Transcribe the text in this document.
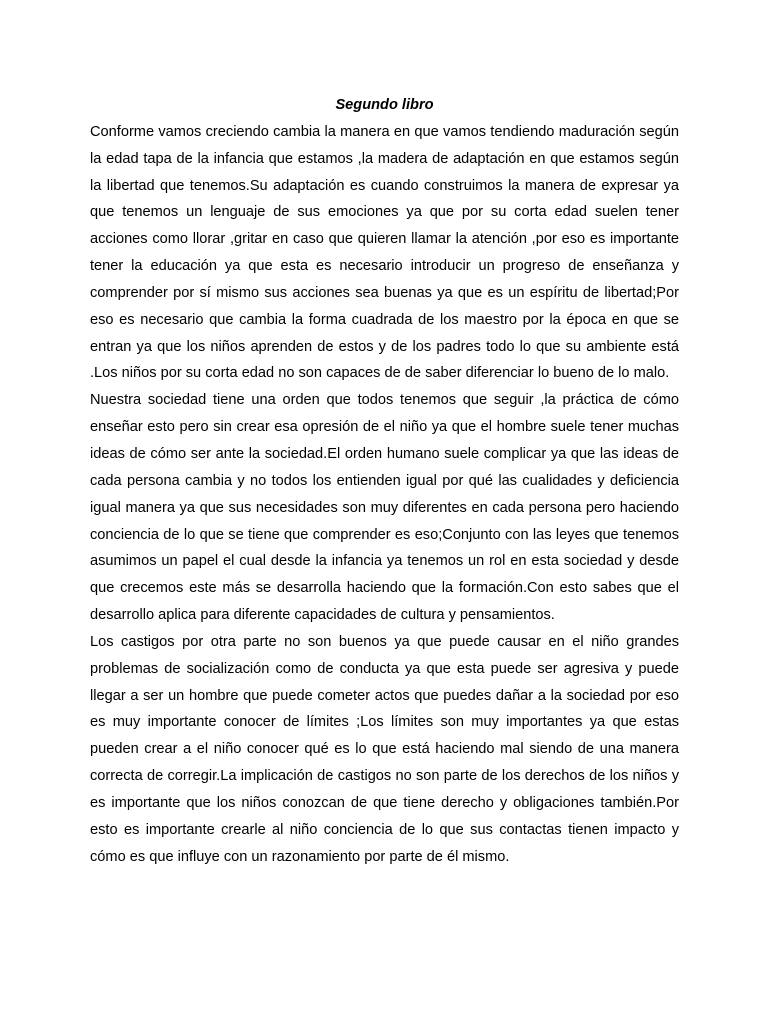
Segundo libro

Conforme vamos creciendo cambia la manera en que vamos tendiendo maduración según la edad tapa de la infancia que estamos ,la madera de adaptación en que estamos según la libertad que tenemos.Su adaptación es cuando construimos la manera de expresar ya que tenemos un lenguaje de sus emociones ya que por su corta edad suelen tener acciones como llorar ,gritar en caso que quieren llamar la atención ,por eso es importante tener la educación ya que esta es necesario introducir un progreso de enseñanza y comprender por sí mismo sus acciones sea buenas ya que es un espíritu de libertad;Por eso es necesario que cambia la forma cuadrada de los maestro por la época en que se entran ya que los niños aprenden de estos y de los padres todo lo que su ambiente está .Los niños por su corta edad no son capaces de de saber diferenciar lo bueno de lo malo.

Nuestra sociedad tiene una orden que todos tenemos que seguir ,la práctica de cómo enseñar esto pero sin crear esa opresión de el niño ya que el hombre suele tener muchas ideas de cómo ser ante la sociedad.El orden humano suele complicar ya que las ideas de cada persona cambia y no todos los entienden igual por qué las cualidades y deficiencia igual manera ya que sus necesidades son muy diferentes en cada persona pero haciendo conciencia de lo que se tiene que comprender es eso;Conjunto con las leyes que tenemos asumimos un papel el cual desde la infancia ya tenemos un rol en esta sociedad y desde que crecemos este más se desarrolla haciendo que la formación.Con esto sabes que el desarrollo aplica para diferente capacidades de cultura y pensamientos.

Los castigos por otra parte no son buenos ya que puede causar en el niño grandes problemas de socialización como de conducta ya que esta puede ser agresiva y puede llegar a ser un hombre que puede cometer actos que puedes dañar a la sociedad por eso es muy importante conocer de límites ;Los límites son muy importantes ya que estas pueden crear a el niño conocer qué es lo que está haciendo mal siendo de una manera correcta de corregir.La implicación de castigos no son parte de los derechos de los niños y es importante que los niños conozcan de que tiene derecho y obligaciones también.Por esto es importante crearle al niño conciencia de lo que sus contactas tienen impacto y cómo es que influye con un razonamiento por parte de él mismo.
